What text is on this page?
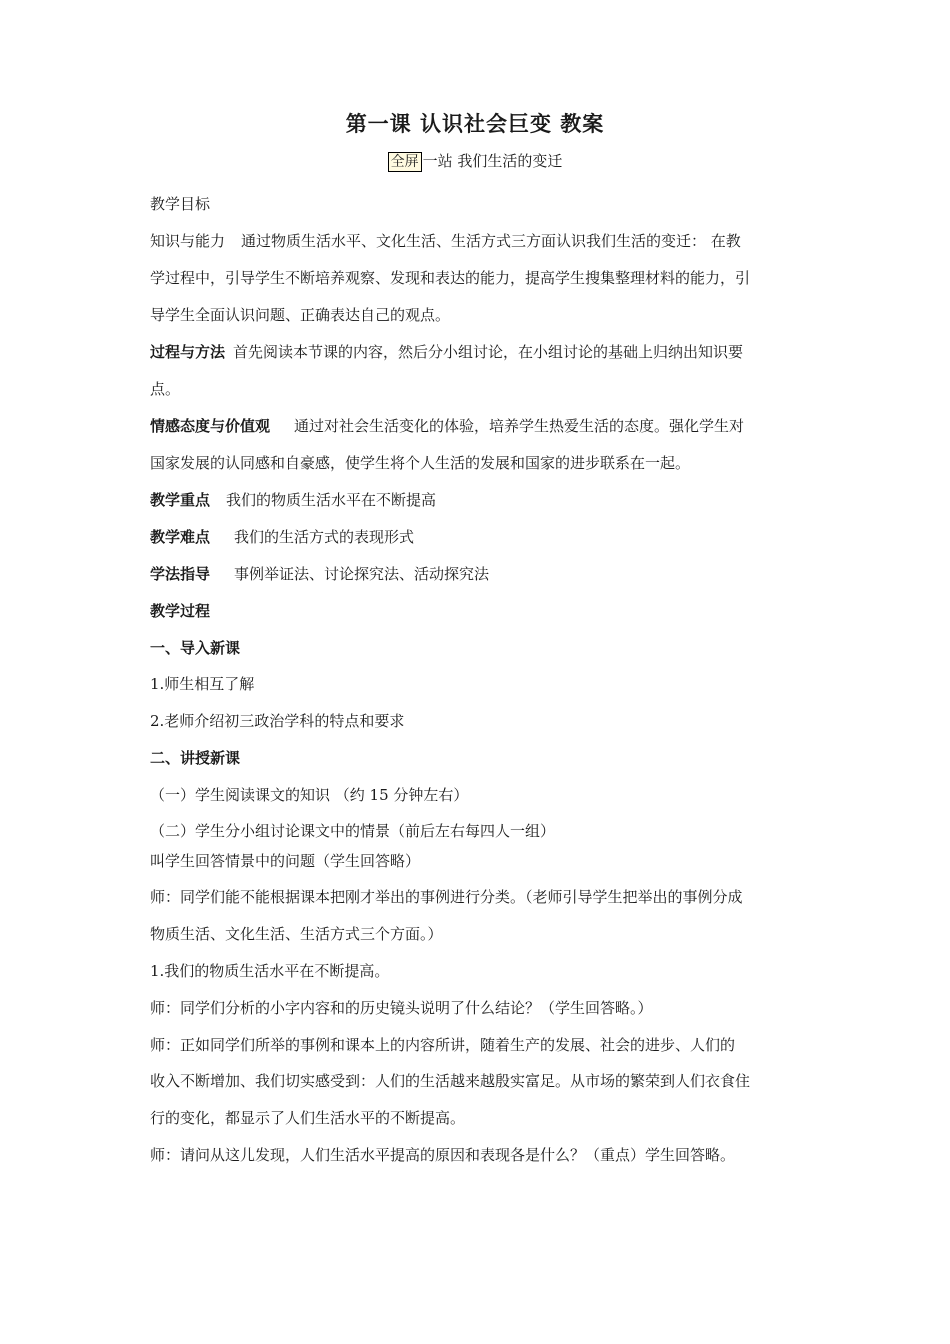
第一课 认识社会巨变 教案
全屏 一站 我们生活的变迁
教学目标
知识与能力 通过物质生活水平、文化生活、生活方式三方面认识我们生活的变迁： 在教
学过程中，引导学生不断培养观察、发现和表达的能力，提高学生搜集整理材料的能力，引
导学生全面认识问题、正确表达自己的观点。
过程与方法 首先阅读本节课的内容，然后分小组讨论，在小组讨论的基础上归纳出知识要
点。
情感态度与价值观 通过对社会生活变化的体验，培养学生热爱生活的态度。强化学生对
国家发展的认同感和自豪感，使学生将个人生活的发展和国家的进步联系在一起。
教学重点 我们的物质生活水平在不断提高
教学难点 我们的生活方式的表现形式
学法指导 事例举证法、讨论探究法、活动探究法
教学过程
一、导入新课
1.师生相互了解
2.老师介绍初三政治学科的特点和要求
二、讲授新课
（一）学生阅读课文的知识 （约 15 分钟左右）
（二）学生分小组讨论课文中的情景（前后左右每四人一组）
叫学生回答情景中的问题（学生回答略）
师：同学们能不能根据课本把刚才举出的事例进行分类。（老师引导学生把举出的事例分成
物质生活、文化生活、生活方式三个方面。）
1.我们的物质生活水平在不断提高。
师：同学们分析的小字内容和的历史镜头说明了什么结论？（学生回答略。）
师：正如同学们所举的事例和课本上的内容所讲，随着生产的发展、社会的进步、人们的
收入不断增加、我们切实感受到：人们的生活越来越殷实富足。从市场的繁荣到人们衣食住
行的变化，都显示了人们生活水平的不断提高。
师：请问从这儿发现，人们生活水平提高的原因和表现各是什么？（重点）学生回答略。
